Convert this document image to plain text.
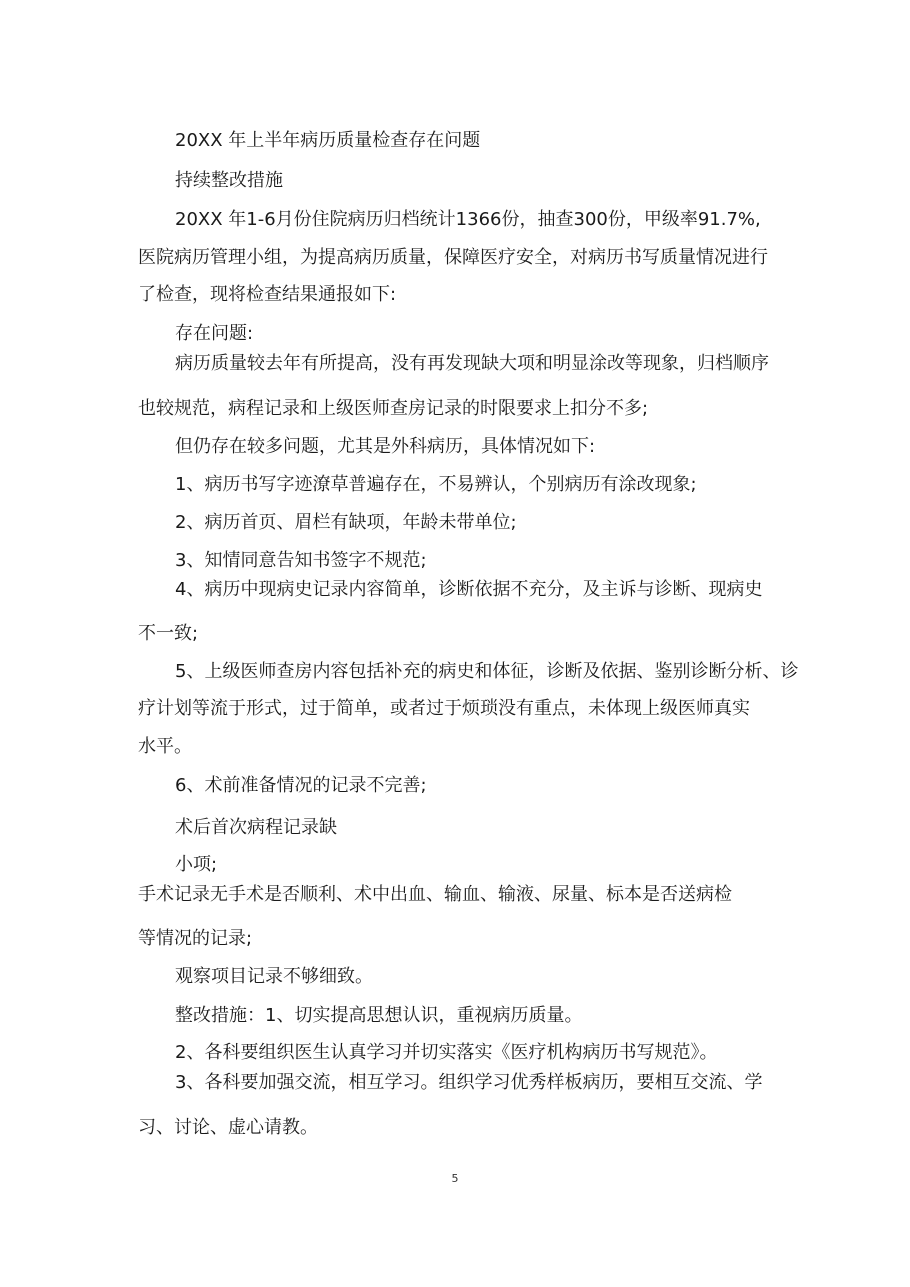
20XX 年上半年病历质量检查存在问题

持续整改措施

20XX 年1-6月份住院病历归档统计1366份，抽查300份，甲级率91.7%,

医院病历管理小组，为提高病历质量，保障医疗安全，对病历书写质量情况进行

了检查，现将检查结果通报如下:

存在问题:

病历质量较去年有所提高，没有再发现缺大项和明显涂改等现象，归档顺序

也较规范，病程记录和上级医师查房记录的时限要求上扣分不多;

但仍存在较多问题，尤其是外科病历，具体情况如下:

1、病历书写字迹潦草普遍存在，不易辨认，个别病历有涂改现象;

2、病历首页、眉栏有缺项，年龄未带单位;

3、知情同意告知书签字不规范;

4、病历中现病史记录内容简单，诊断依据不充分，及主诉与诊断、现病史

不一致;

5、上级医师查房内容包括补充的病史和体征，诊断及依据、鉴别诊断分析、诊

疗计划等流于形式，过于简单，或者过于烦琐没有重点，未体现上级医师真实

水平。

6、术前准备情况的记录不完善;

术后首次病程记录缺

小项;

手术记录无手术是否顺利、术中出血、输血、输液、尿量、标本是否送病检

等情况的记录;

观察项目记录不够细致。

整改措施：1、切实提高思想认识，重视病历质量。

2、各科要组织医生认真学习并切实落实《医疗机构病历书写规范》。

3、各科要加强交流，相互学习。组织学习优秀样板病历，要相互交流、学

习、讨论、虚心请教。

5
